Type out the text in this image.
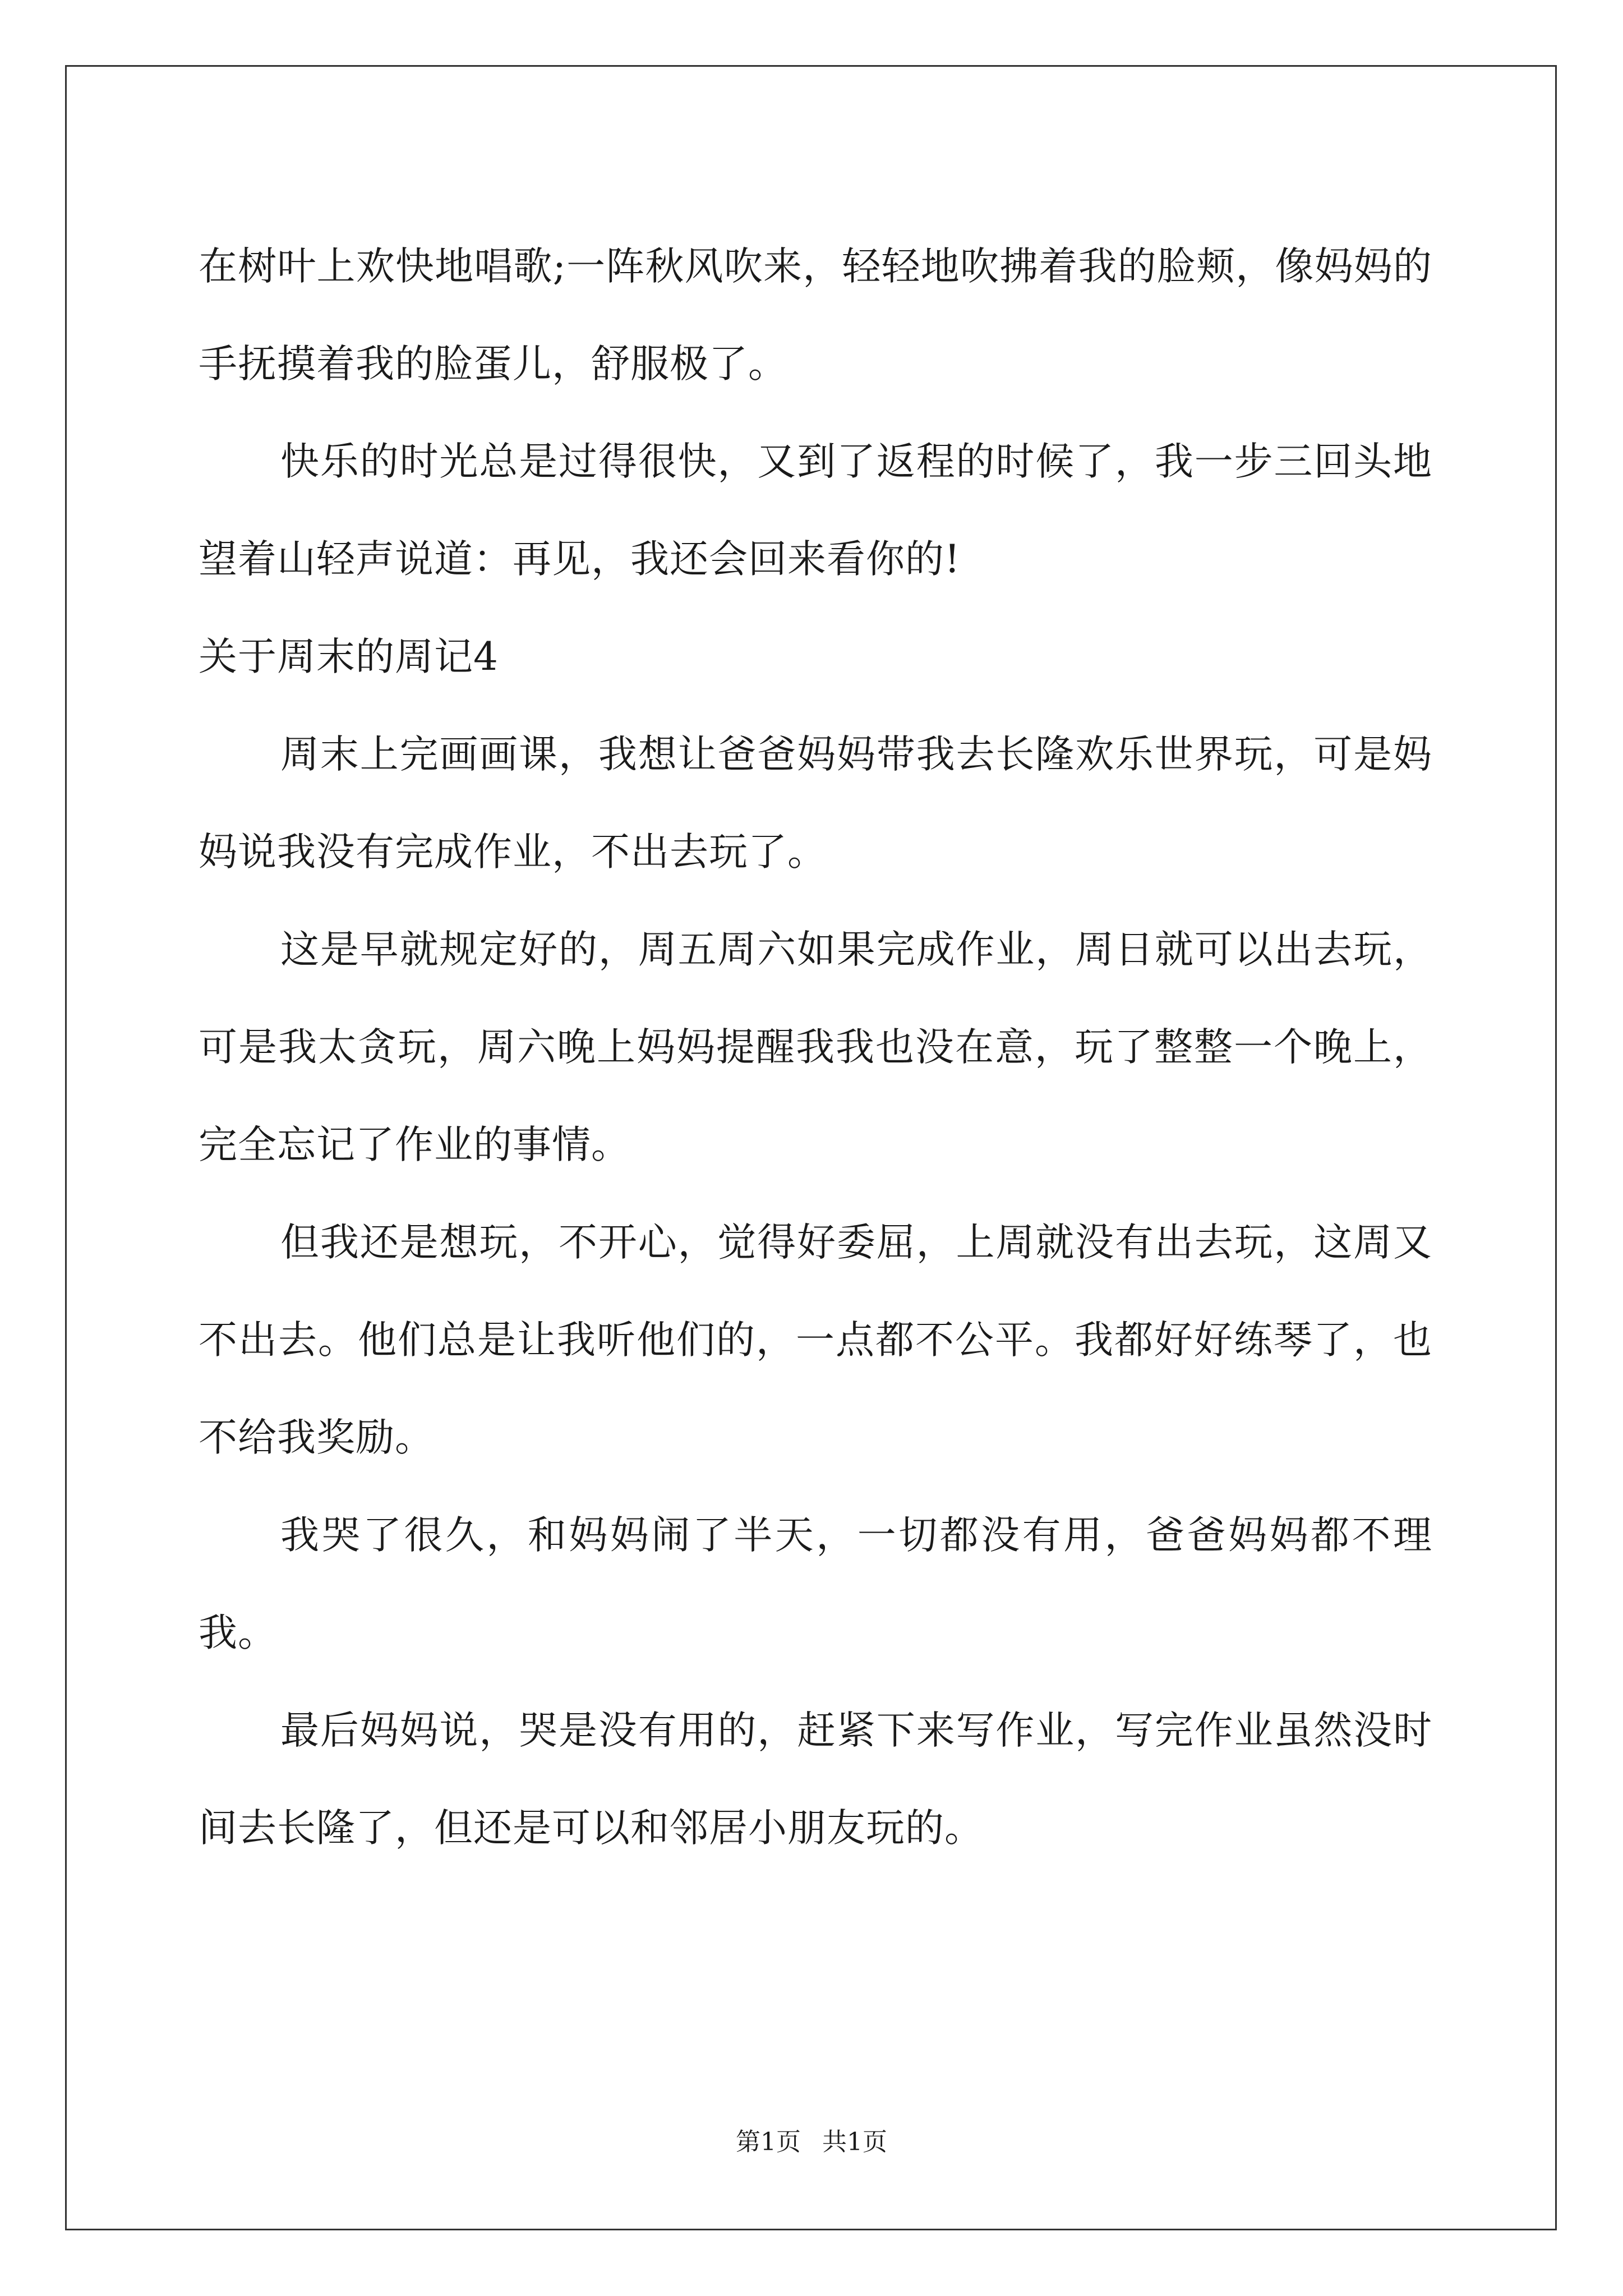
在树叶上欢快地唱歌;一阵秋风吹来，轻轻地吹拂着我的脸颊，像妈妈的手抚摸着我的脸蛋儿，舒服极了。

快乐的时光总是过得很快，又到了返程的时候了，我一步三回头地望着山轻声说道：再见，我还会回来看你的!

关于周末的周记4

周末上完画画课，我想让爸爸妈妈带我去长隆欢乐世界玩，可是妈妈说我没有完成作业，不出去玩了。

这是早就规定好的，周五周六如果完成作业，周日就可以出去玩，可是我太贪玩，周六晚上妈妈提醒我我也没在意，玩了整整一个晚上，完全忘记了作业的事情。

但我还是想玩，不开心，觉得好委屈，上周就没有出去玩，这周又不出去。他们总是让我听他们的，一点都不公平。我都好好练琴了，也不给我奖励。

我哭了很久，和妈妈闹了半天，一切都没有用，爸爸妈妈都不理我。

最后妈妈说，哭是没有用的，赶紧下来写作业，写完作业虽然没时间去长隆了，但还是可以和邻居小朋友玩的。

第1页 共1页
